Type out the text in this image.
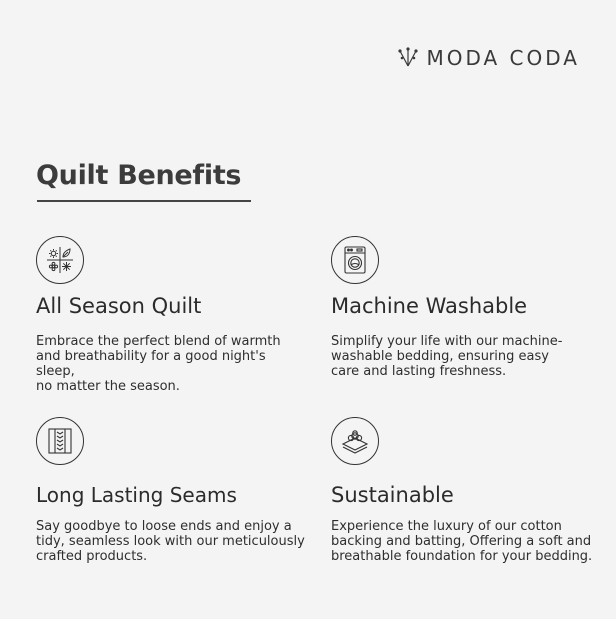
MODA CODA
Quilt Benefits
All Season Quilt

Embrace the perfect blend of warmth
and breathability for a good night's sleep,
no matter the season.

Machine Washable

Simplify your life with our machine-
washable bedding, ensuring easy
care and lasting freshness.

Long Lasting Seams

Say goodbye to loose ends and enjoy a
tidy, seamless look with our meticulously
crafted products.

Sustainable

Experience the luxury of our cotton
backing and batting, Offering a soft and
breathable foundation for your bedding.
